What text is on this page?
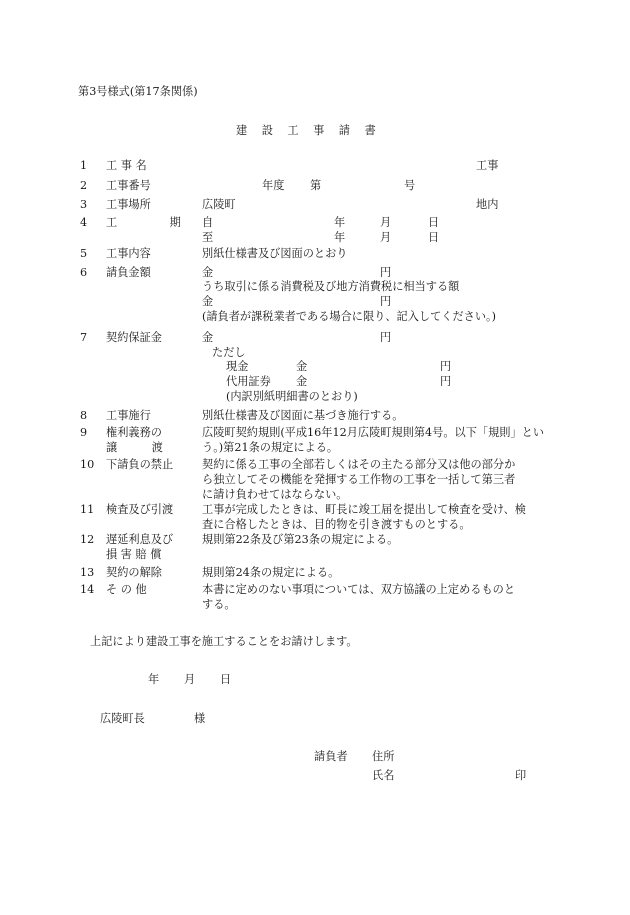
第3号様式(第17条関係)
建設工事請書
1	工 事 名	工事
2	工事番号	年度 第	号
3	工事場所	広陵町	地内
4	工　　期 自	年	月	日
至	年	月	日
5	工事内容	別紙仕様書及び図面のとおり
6	請負金額	金	円
うち取引に係る消費税及び地方消費税に相当する額
金	円
(請負者が課税業者である場合に限り、記入してください。)
7	契約保証金	金	円
ただし
現金	金	円
代用証券 金	円
(内訳別紙明細書のとおり)
8	工事施行	別紙仕様書及び図面に基づき施行する。
9	権利義務の	広陵町契約規則(平成16年12月広陵町規則第4号。以下「規則」とい
譲　　渡	う。)第21条の規定による。
10	下請負の禁止	契約に係る工事の全部若しくはその主たる部分又は他の部分から独立してその機能を発揮する工作物の工事を一括して第三者に請け負わせてはならない。
11	検査及び引渡	工事が完成したときは、町長に竣工届を提出して検査を受け、検査に合格したときは、目的物を引き渡すものとする。
12	遅延利息及び	規則第22条及び第23条の規定による。
損 害 賠 償
13	契約の解除	規則第24条の規定による。
14	そ の 他	本書に定めのない事項については、双方協議の上定めるものとする。
上記により建設工事を施工することをお請けします。
年 月 日
広陵町長	様
請負者 住所
氏名	印
